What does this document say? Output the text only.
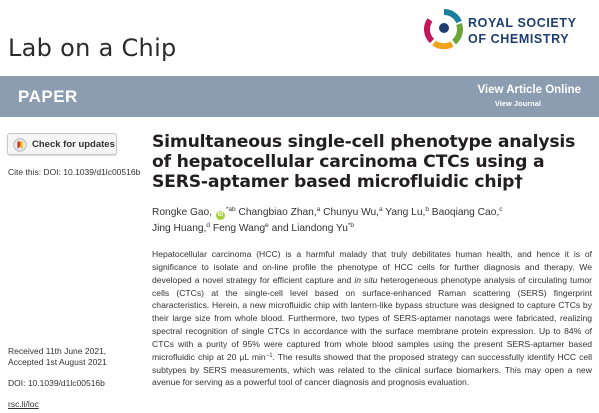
ROYAL SOCIETY
OF CHEMISTRY
Lab on a Chip
PAPER	View Article Online
View Journal
Check for updates
Cite this: DOI: 10.1039/d1lc00516b
Simultaneous single-cell phenotype analysis of hepatocellular carcinoma CTCs using a SERS-aptamer based microfluidic chip†
Rongke Gao, $iD^{*ab}$ Changbiao Zhan,$^a$ Chunyu Wu,$^a$ Yang Lu,$^b$ Baoqiang Cao,$^c$
Jing Huang,$^d$ Feng Wang$^e$ and Liandong Yu$^{*b}$
Hepatocellular carcinoma (HCC) is a harmful malady that truly debilitates human health, and hence it is of significance to isolate and on-line profile the phenotype of HCC cells for further diagnosis and therapy. We developed a novel strategy for efficient capture and in situ heterogeneous phenotype analysis of circulating tumor cells (CTCs) at the single-cell level based on surface-enhanced Raman scattering (SERS) fingerprint characteristics. Herein, a new microfluidic chip with lantern-like bypass structure was designed to capture CTCs by their large size from whole blood. Furthermore, two types of SERS-aptamer nanotags were fabricated, realizing spectral recognition of single CTCs in accordance with the surface membrane protein expression. Up to 84% of CTCs with a purity of 95% were captured from whole blood samples using the present SERS-aptamer based microfluidic chip at 20 μL $\min^{-1}$. The results showed that the proposed strategy can successfully identify HCC cell subtypes by SERS measurements, which was related to the clinical surface biomarkers. This may open a new avenue for serving as a powerful tool of cancer diagnosis and prognosis evaluation.
Received 11th June 2021,
Accepted 1st August 2021
DOI: 10.1039/d1lc00516b
rsc.li/loc
